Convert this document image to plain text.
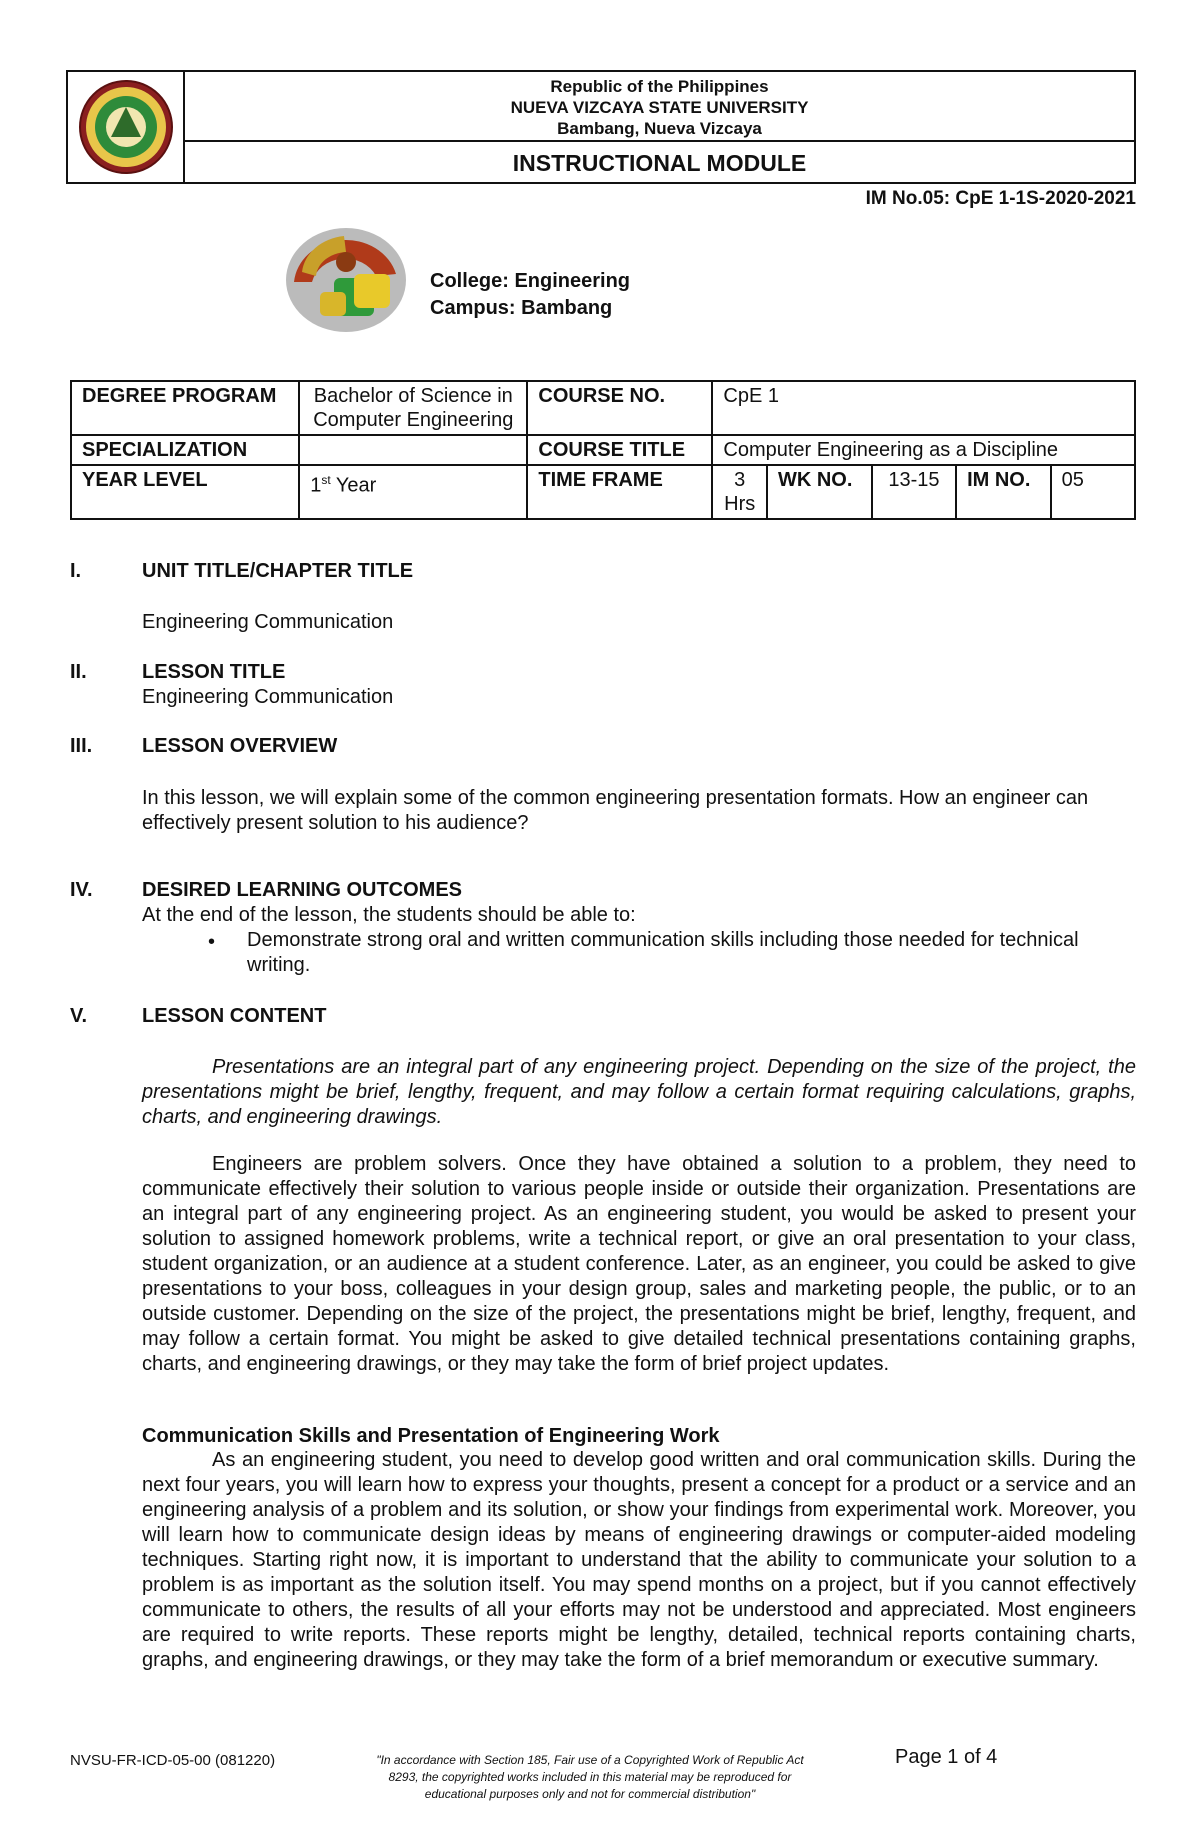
Republic of the Philippines
NUEVA VIZCAYA STATE UNIVERSITY
Bambang, Nueva Vizcaya
INSTRUCTIONAL MODULE
IM No.05: CpE 1-1S-2020-2021
College: Engineering
Campus: Bambang
DEGREE PROGRAM	Bachelor of Science in Computer Engineering	COURSE NO.	CpE 1				
SPECIALIZATION		COURSE TITLE	Computer Engineering as a Discipline				
YEAR LEVEL	1st Year	TIME FRAME	3 Hrs	WK NO.	13-15	IM NO.	05
I.	UNIT TITLE/CHAPTER TITLE
Engineering Communication
II.	LESSON TITLE
Engineering Communication
III. LESSON OVERVIEW
In this lesson, we will explain some of the common engineering presentation formats. How an engineer can effectively present solution to his audience?
IV. DESIRED LEARNING OUTCOMES
At the end of the lesson, the students should be able to:
• Demonstrate strong oral and written communication skills including those needed for technical writing.
V.	LESSON CONTENT
Presentations are an integral part of any engineering project. Depending on the size of the project, the presentations might be brief, lengthy, frequent, and may follow a certain format requiring calculations, graphs, charts, and engineering drawings.
Engineers are problem solvers. Once they have obtained a solution to a problem, they need to communicate effectively their solution to various people inside or outside their organization. Presentations are an integral part of any engineering project. As an engineering student, you would be asked to present your solution to assigned homework problems, write a technical report, or give an oral presentation to your class, student organization, or an audience at a student conference. Later, as an engineer, you could be asked to give presentations to your boss, colleagues in your design group, sales and marketing people, the public, or to an outside customer. Depending on the size of the project, the presentations might be brief, lengthy, frequent, and may follow a certain format. You might be asked to give detailed technical presentations containing graphs, charts, and engineering drawings, or they may take the form of brief project updates.
Communication Skills and Presentation of Engineering Work
As an engineering student, you need to develop good written and oral communication skills. During the next four years, you will learn how to express your thoughts, present a concept for a product or a service and an engineering analysis of a problem and its solution, or show your findings from experimental work. Moreover, you will learn how to communicate design ideas by means of engineering drawings or computer-aided modeling techniques. Starting right now, it is important to understand that the ability to communicate your solution to a problem is as important as the solution itself. You may spend months on a project, but if you cannot effectively communicate to others, the results of all your efforts may not be understood and appreciated. Most engineers are required to write reports. These reports might be lengthy, detailed, technical reports containing charts, graphs, and engineering drawings, or they may take the form of a brief memorandum or executive summary.
NVSU-FR-ICD-05-00 (081220)	"In accordance with Section 185, Fair use of a Copyrighted Work of Republic Act
8293, the copyrighted works included in this material may be reproduced for
educational purposes only and not for commercial distribution"
Page 1 of 4
